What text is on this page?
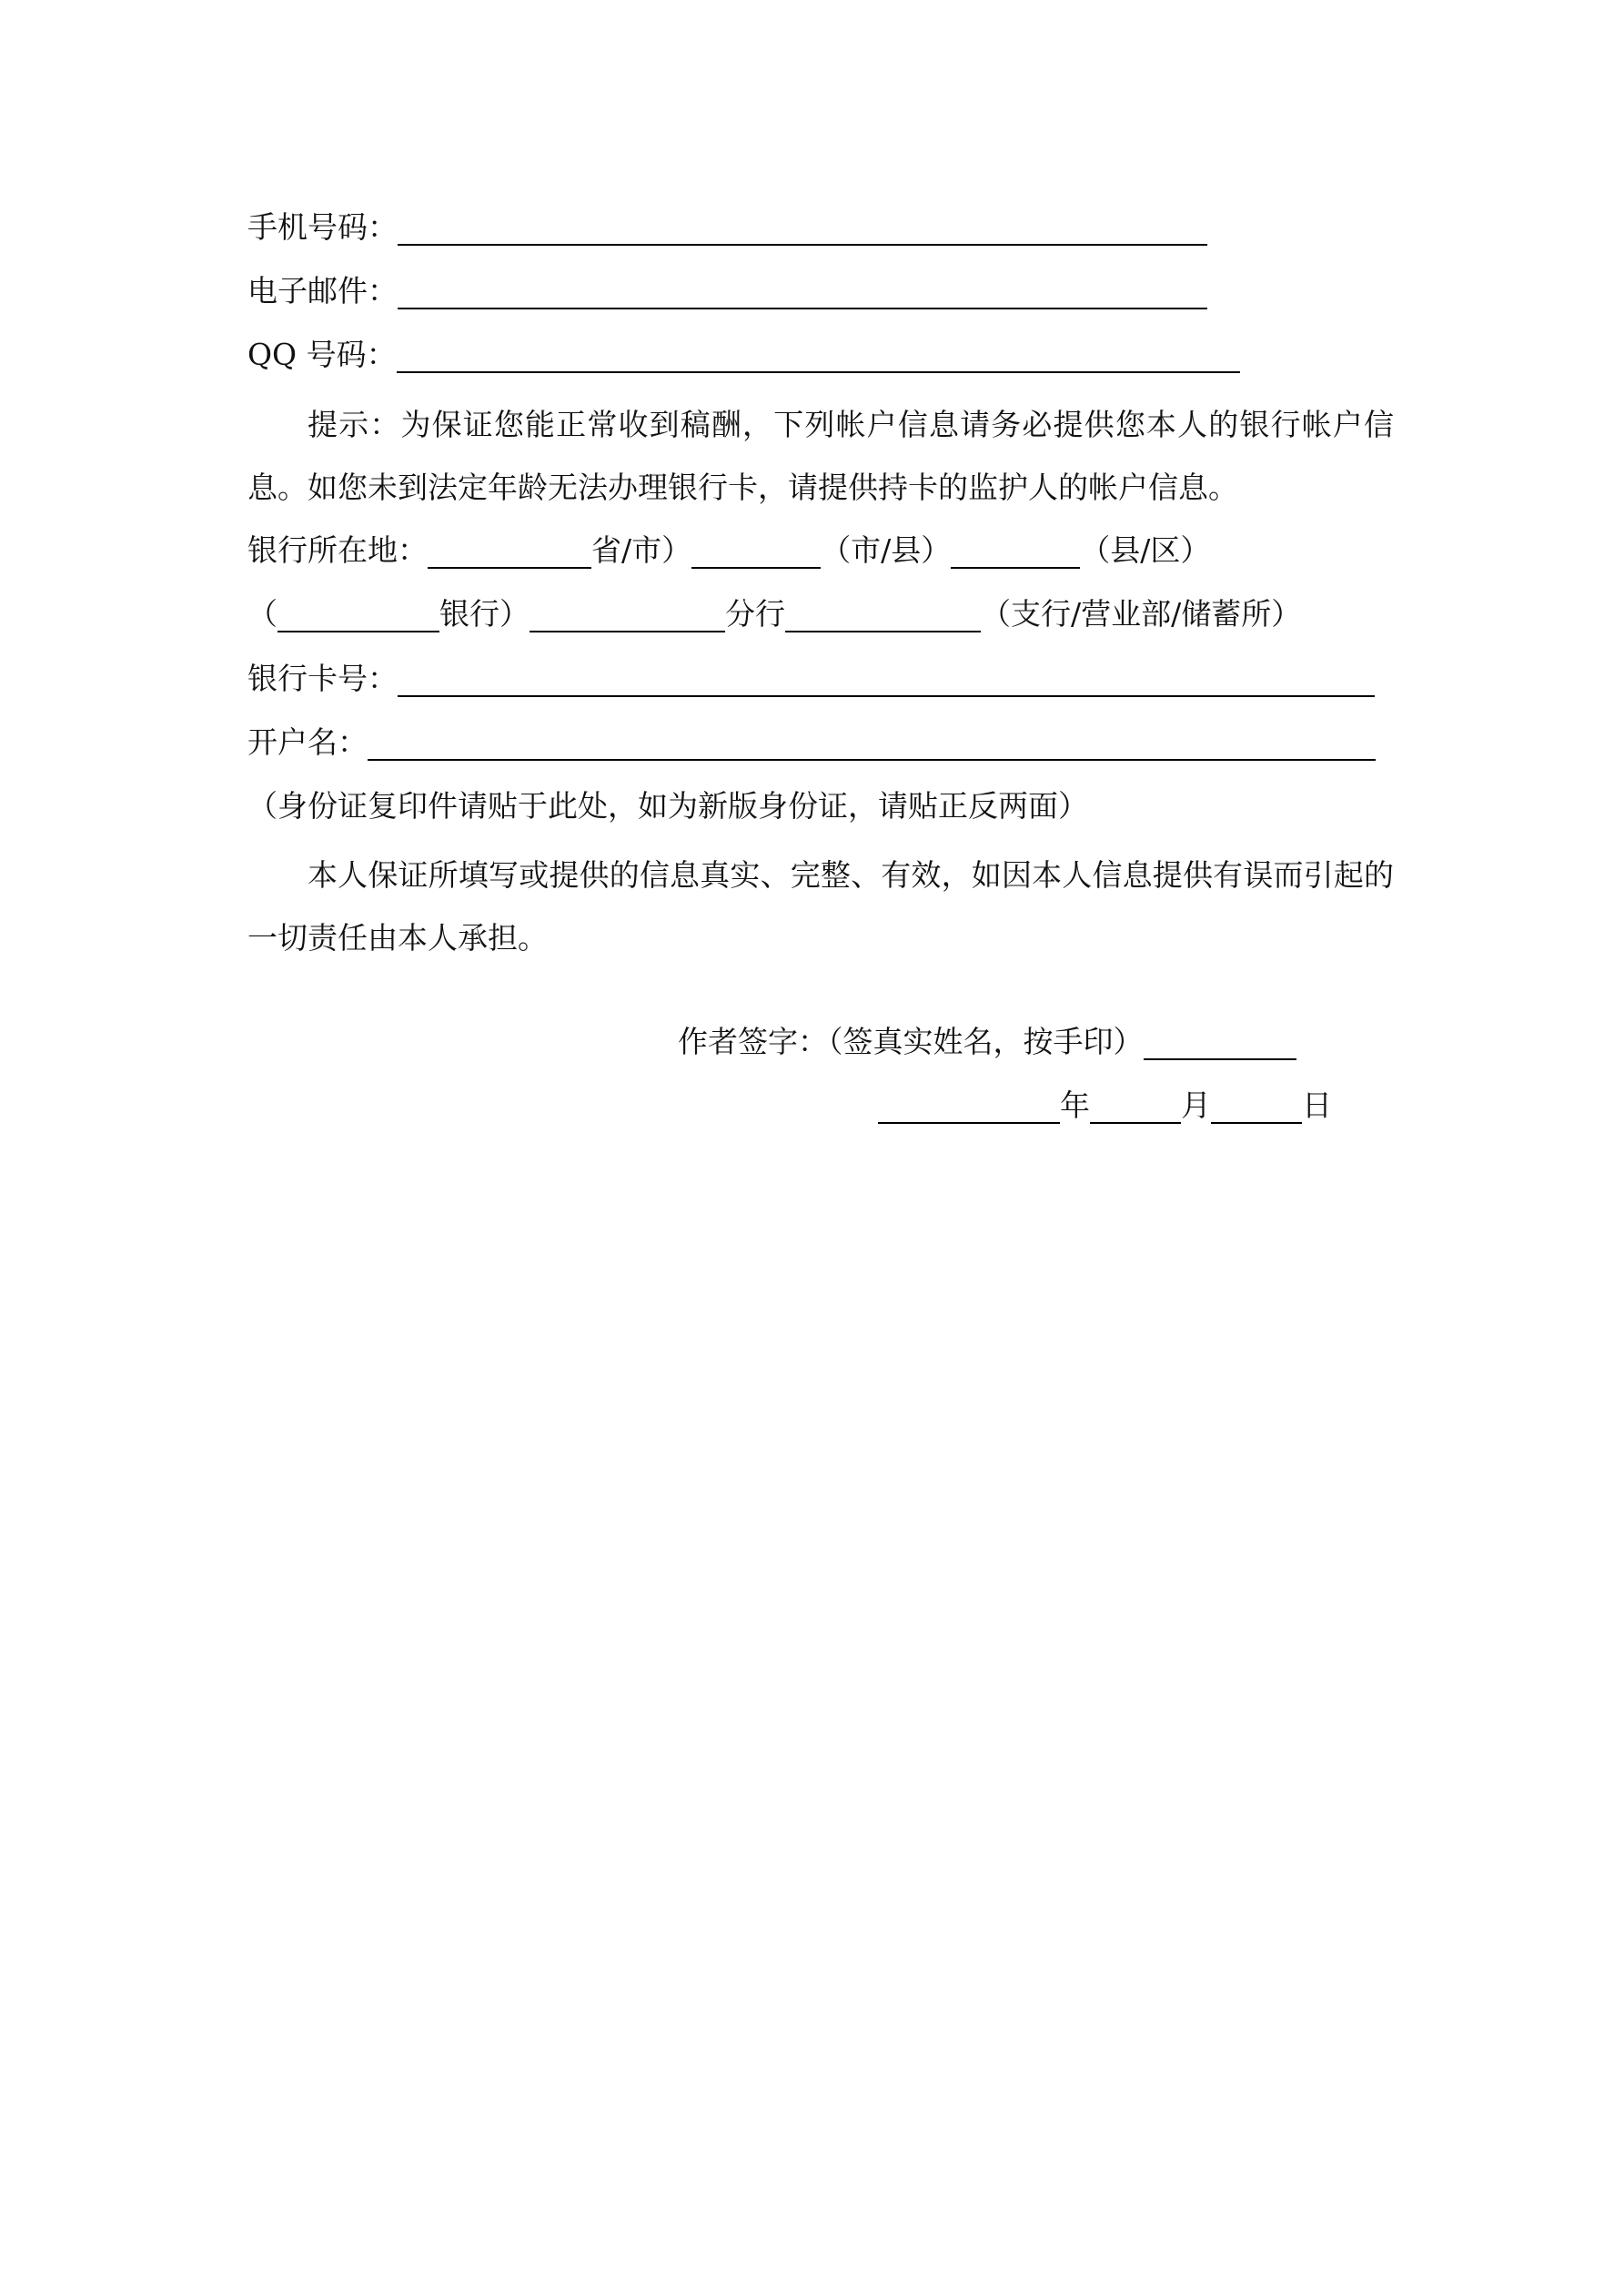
手机号码：
电子邮件：
QQ 号码：
提示：为保证您能正常收到稿酬，下列帐户信息请务必提供您本人的银行帐户信息。如您未到法定年龄无法办理银行卡，请提供持卡的监护人的帐户信息。
银行所在地：	省/市）	（市/县）	（县/区）
（	银行）	分行	（支行/营业部/储蓄所）
银行卡号：
开户名：
（身份证复印件请贴于此处，如为新版身份证，请贴正反两面）
本人保证所填写或提供的信息真实、完整、有效，如因本人信息提供有误而引起的一切责任由本人承担。
作者签字：（签真实姓名，按手印）
年	月	日
